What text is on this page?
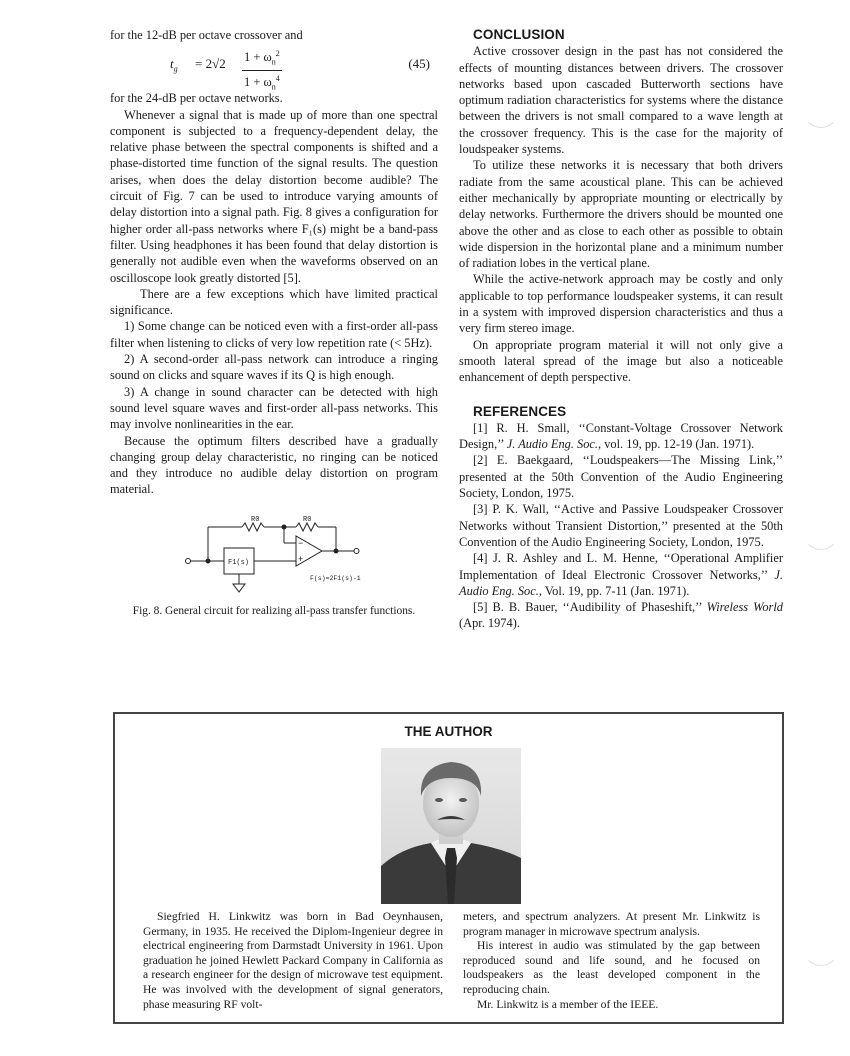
for the 12-dB per octave crossover and

$t_g = 2√2 \frac{1 + \omega_n^2}{1 + \omega_n^4}$	(45)

for the 24-dB per octave networks.

Whenever a signal that is made up of more than one spectral component is subjected to a frequency-dependent delay, the relative phase between the spectral components is shifted and a phase-distorted time function of the signal results. The question arises, when does the delay distortion become audible? The circuit of Fig. 7 can be used to introduce varying amounts of delay distortion into a signal path. Fig. 8 gives a configuration for higher order all-pass networks where F₁(s) might be a band-pass filter. Using headphones it has been found that delay distortion is generally not audible even when the waveforms observed on an oscilloscope look greatly distorted [5].

There are a few exceptions which have limited practical significance.

1) Some change can be noticed even with a first-order all-pass filter when listening to clicks of very low repetition rate (< 5Hz).

2) A second-order all-pass network can introduce a ringing sound on clicks and square waves if its Q is high enough.

3) A change in sound character can be detected with high sound level square waves and first-order all-pass networks. This may involve nonlinearities in the ear.

Because the optimum filters described have a gradually changing group delay characteristic, no ringing can be noticed and they introduce no audible delay distortion on program material.

R0	R0
F1(s)
−
+
F(s)=2F1(s)-1

Fig. 8. General circuit for realizing all-pass transfer functions.

CONCLUSION

Active crossover design in the past has not considered the effects of mounting distances between drivers. The crossover networks based upon cascaded Butterworth sections have optimum radiation characteristics for systems where the distance between the drivers is not small compared to a wave length at the crossover frequency. This is the case for the majority of loudspeaker systems.

To utilize these networks it is necessary that both drivers radiate from the same acoustical plane. This can be achieved either mechanically by appropriate mounting or electrically by delay networks. Furthermore the drivers should be mounted one above the other and as close to each other as possible to obtain wide dispersion in the horizontal plane and a minimum number of radiation lobes in the vertical plane.

While the active-network approach may be costly and only applicable to top performance loudspeaker systems, it can result in a system with improved dispersion characteristics and thus a very firm stereo image.

On appropriate program material it will not only give a smooth lateral spread of the image but also a noticeable enhancement of depth perspective.

REFERENCES

[1] R. H. Small, ‘‘Constant-Voltage Crossover Network Design,’’ J. Audio Eng. Soc., vol. 19, pp. 12-19 (Jan. 1971).

[2] E. Baekgaard, ‘‘Loudspeakers—The Missing Link,’’ presented at the 50th Convention of the Audio Engineering Society, London, 1975.

[3] P. K. Wall, ‘‘Active and Passive Loudspeaker Crossover Networks without Transient Distortion,’’ presented at the 50th Convention of the Audio Engineering Society, London, 1975.

[4] J. R. Ashley and L. M. Henne, ‘‘Operational Amplifier Implementation of Ideal Electronic Crossover Networks,’’ J. Audio Eng. Soc., Vol. 19, pp. 7-11 (Jan. 1971).

[5] B. B. Bauer, ‘‘Audibility of Phaseshift,’’ Wireless World (Apr. 1974).

THE AUTHOR

Siegfried H. Linkwitz was born in Bad Oeynhausen, Germany, in 1935. He received the Diplom-Ingenieur degree in electrical engineering from Darmstadt University in 1961. Upon graduation he joined Hewlett Packard Company in California as a research engineer for the design of microwave test equipment. He was involved with the development of signal generators, phase measuring RF volt-

meters, and spectrum analyzers. At present Mr. Linkwitz is program manager in microwave spectrum analysis.

His interest in audio was stimulated by the gap between reproduced sound and life sound, and he focused on loudspeakers as the least developed component in the reproducing chain.

Mr. Linkwitz is a member of the IEEE.
